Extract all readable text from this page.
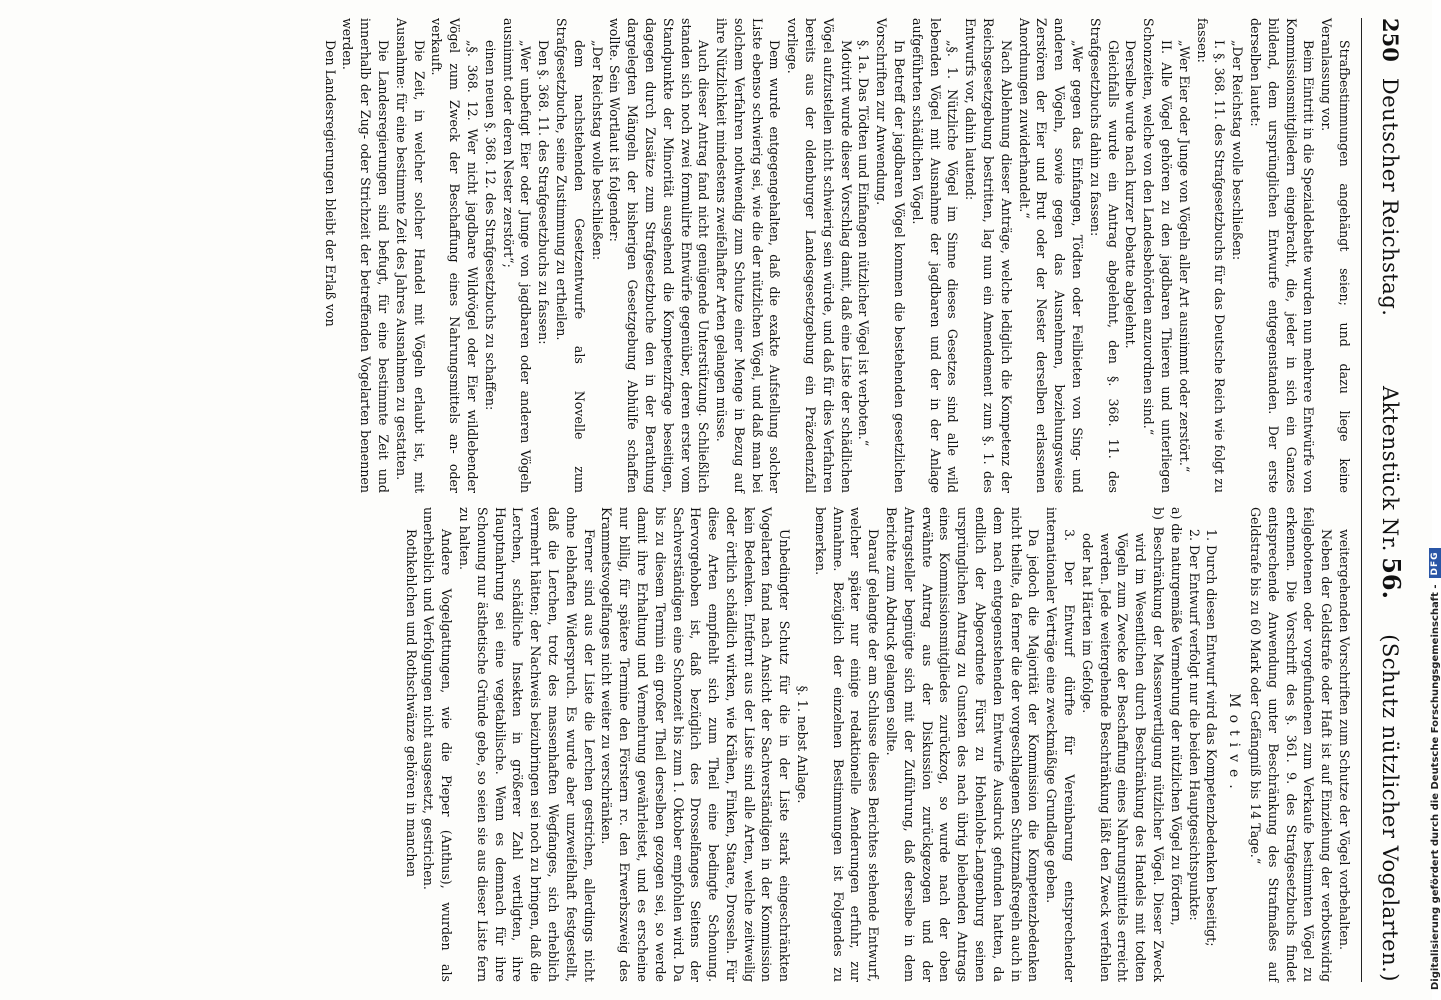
250
Deutscher Reichstag.
Aktenstück Nr.
56.
(Schutz nützlicher Vogelarten.)

Strafbestimmungen angehängt seien; und dazu liege keine Veranlassung vor.

Beim Eintritt in die Spezialdebatte wurden nun mehrere Entwürfe von Kommissionsmitgliedern eingebracht, die, jeder in sich ein Ganzes bildend, dem ursprünglichen Entwurfe entgegenstanden. Der erste derselben lautet:

„Der Reichstag wolle beschließen:

I. §. 368. 11. des Strafgesetzbuchs für das Deutsche Reich wie folgt zu fassen:

„Wer Eier oder Junge von Vögeln aller Art ausnimmt oder zerstört.“

II. Alle Vögel gehören zu den jagdbaren Thieren und unterliegen Schonzeiten, welche von den Landesbehörden anzuordnen sind.“

Derselbe wurde nach kurzer Debatte abgelehnt.

Gleichfalls wurde ein Antrag abgelehnt, den §. 368. 11. des Strafgesetzbuchs dahin zu fassen:

„Wer gegen das Einfangen, Tödten oder Feilbieten von Sing- und anderen Vögeln, sowie gegen das Ausnehmen, beziehungsweise Zerstören der Eier und Brut oder der Nester derselben erlassenen Anordnungen zuwiderhandelt.“

Nach Ablehnung dieser Anträge, welche lediglich die Kompetenz der Reichsgesetzgebung bestritten, lag nun ein Amendement zum §. 1. des Entwurfs vor, dahin lautend:

„§. 1. Nützliche Vögel im Sinne dieses Gesetzes sind alle wild lebenden Vögel mit Ausnahme der jagdbaren und der in der Anlage aufgeführten schädlichen Vögel.

In Betreff der jagdbaren Vögel kommen die bestehenden gesetzlichen Vorschriften zur Anwendung.

§. 1a. Das Tödten und Einfangen nützlicher Vögel ist verboten.“

Motivirt wurde dieser Vorschlag damit, daß eine Liste der schädlichen Vögel aufzustellen nicht schwierig sein würde, und daß für dies Verfahren bereits aus der oldenburger Landesgesetzgebung ein Präzedenzfall vorliege.

Dem wurde entgegengehalten, daß die exakte Aufstellung solcher Liste ebenso schwierig sei, wie die der nützlichen Vögel, und daß man bei solchem Verfahren nothwendig zum Schutze einer Menge in Bezug auf ihre Nützlichkeit mindestens zweifelhafter Arten gelangen müsse.

Auch dieser Antrag fand nicht genügende Unterstützung. Schließlich standen sich noch zwei formulirte Entwürfe gegenüber, deren erster vom Standpunkte der Minorität ausgehend die Kompetenzfrage beseitigen, dagegen durch Zusätze zum Strafgesetzbuche den in der Berathung dargelegten Mängeln der bisherigen Gesetzgebung Abhülfe schaffen wollte. Sein Wortlaut ist folgender:

„Der Reichstag wolle beschließen:

dem nachstehenden Gesetzentwurfe als Novelle zum Strafgesetzbuche, seine Zustimmung zu ertheilen.

Den §. 368. 11. des Strafgesetzbuchs zu fassen:

„Wer unbefugt Eier oder Junge von jagdbaren oder anderen Vögeln ausnimmt oder deren Nester zerstört“;

einen neuen §. 368. 12. des Strafgesetzbuchs zu schaffen:

„§. 368. 12. Wer nicht jagdbare Wildvögel oder Eier wildlebender Vögel zum Zweck der Beschaffung eines Nahrungsmittels an- oder verkauft.

Die Zeit, in welcher solcher Handel mit Vögeln erlaubt ist, mit Ausnahme: für eine bestimmte Zeit des Jahres Ausnahmen zu gestatten.

Die Landesregierungen sind befugt, für eine bestimmte Zeit und innerhalb der Zug- oder Strichzeit der betreffenden Vogelarten benennen werden.

Den Landesregierungen bleibt der Erlaß von

weitergehenden Vorschriften zum Schutze der Vögel vorbehalten.

Neben der Geldstrafe oder Haft ist auf Einziehung der verbotswidrig feilgebotenen oder vorgefundenen zum Verkaufe bestimmten Vögel zu erkennen. Die Vorschrift des §. 361. 9. des Strafgesetzbuchs findet entsprechende Anwendung unter Beschränkung des Strafmaßes auf Geldstrafe bis zu 60 Mark oder Gefängniß bis 14 Tage.“

Motive.

1. Durch diesen Entwurf wird das Kompetenzbedenken beseitigt;

2. Der Entwurf verfolgt nur die beiden Hauptgesichtspunkte:

a) die naturgemäße Vermehrung der nützlichen Vögel zu fördern,

b) Beschränkung der Massenvertilgung nützlicher Vögel. Dieser Zweck wird im Wesentlichen durch Beschränkung des Handels mit todten Vögeln zum Zwecke der Beschaffung eines Nahrungsmittels erreicht werden. Jede weitergehende Beschränkung läßt den Zweck verfehlen oder hat Härten im Gefolge.

3. Der Entwurf dürfte für Vereinbarung entsprechender internationaler Verträge eine zweckmäßige Grundlage geben.

Da jedoch die Majorität der Kommission die Kompetenzbedenken nicht theilte, da ferner die der vorgeschlagenen Schutzmaßregeln auch in dem nach entgegenstehenden Entwurfe Ausdruck gefunden hatten, da endlich der Abgeordnete Fürst zu Hohenlohe-Langenburg seinen ursprünglichen Antrag zu Gunsten des nach übrig bleibenden Antrags eines Kommissionsmitgliedes zurückzog, so wurde nach der oben erwähnte Antrag aus der Diskussion zurückgezogen und der Antragsteller begnügte sich mit der Zuführung, daß derselbe in dem Berichte zum Abdruck gelangen sollte.

Darauf gelangte der am Schlusse dieses Berichtes stehende Entwurf, welcher später nur einige redaktionelle Aenderungen erfuhr, zur Annahme. Bezüglich der einzelnen Bestimmungen ist Folgendes zu bemerken.

§. 1. nebst Anlage.

Unbedingter Schutz für die in der Liste stark eingeschränkten Vogelarten fand nach Ansicht der Sachverständigen in der Kommission kein Bedenken. Entfernt aus der Liste sind alle Arten, welche zeitweilig oder örtlich schädlich wirken, wie Krähen, Finken, Staare, Drosseln. Für diese Arten empfiehlt sich zum Theil eine bedingte Schonung. Hervorgehoben ist, daß bezüglich des Drosselfanges Seitens der Sachverständigen eine Schonzeit bis zum 1. Oktober empfohlen wird. Da bis zu diesem Termin ein großer Theil derselben gezogen sei, so werde damit ihre Erhaltung und Vermehrung gewährleistet, und es erscheine nur billig, für spätere Termine den Förstern rc. den Erwerbszweig des Krammetsvogelfanges nicht weiter zu verschränken.

Ferner sind aus der Liste die Lerchen gestrichen, allerdings nicht ohne lebhaften Widerspruch. Es wurde aber unzweifelhaft festgestellt, daß die Lerchen, trotz des massenhaften Wegfanges, sich erheblich vermehrt hätten; der Nachweis beizubringen sei noch zu bringen, daß die Lerchen, schädliche Insekten in größerer Zahl vertilgten, ihre Hauptnahrung sei eine vegetabilische. Wenn es demnach für ihre Schonung nur ästhetische Gründe gebe, so seien sie aus dieser Liste fern zu halten.

Andere Vogelgattungen, wie die Pieper (Anthus), wurden als unerheblich und Verfolgungen nicht ausgesetzt, gestrichen.

Rothkehlchen und Rothschwänze gehören in manchen	Digitalisierung gefördert durch die Deutsche Forschungsgemeinschaft -
DFG
